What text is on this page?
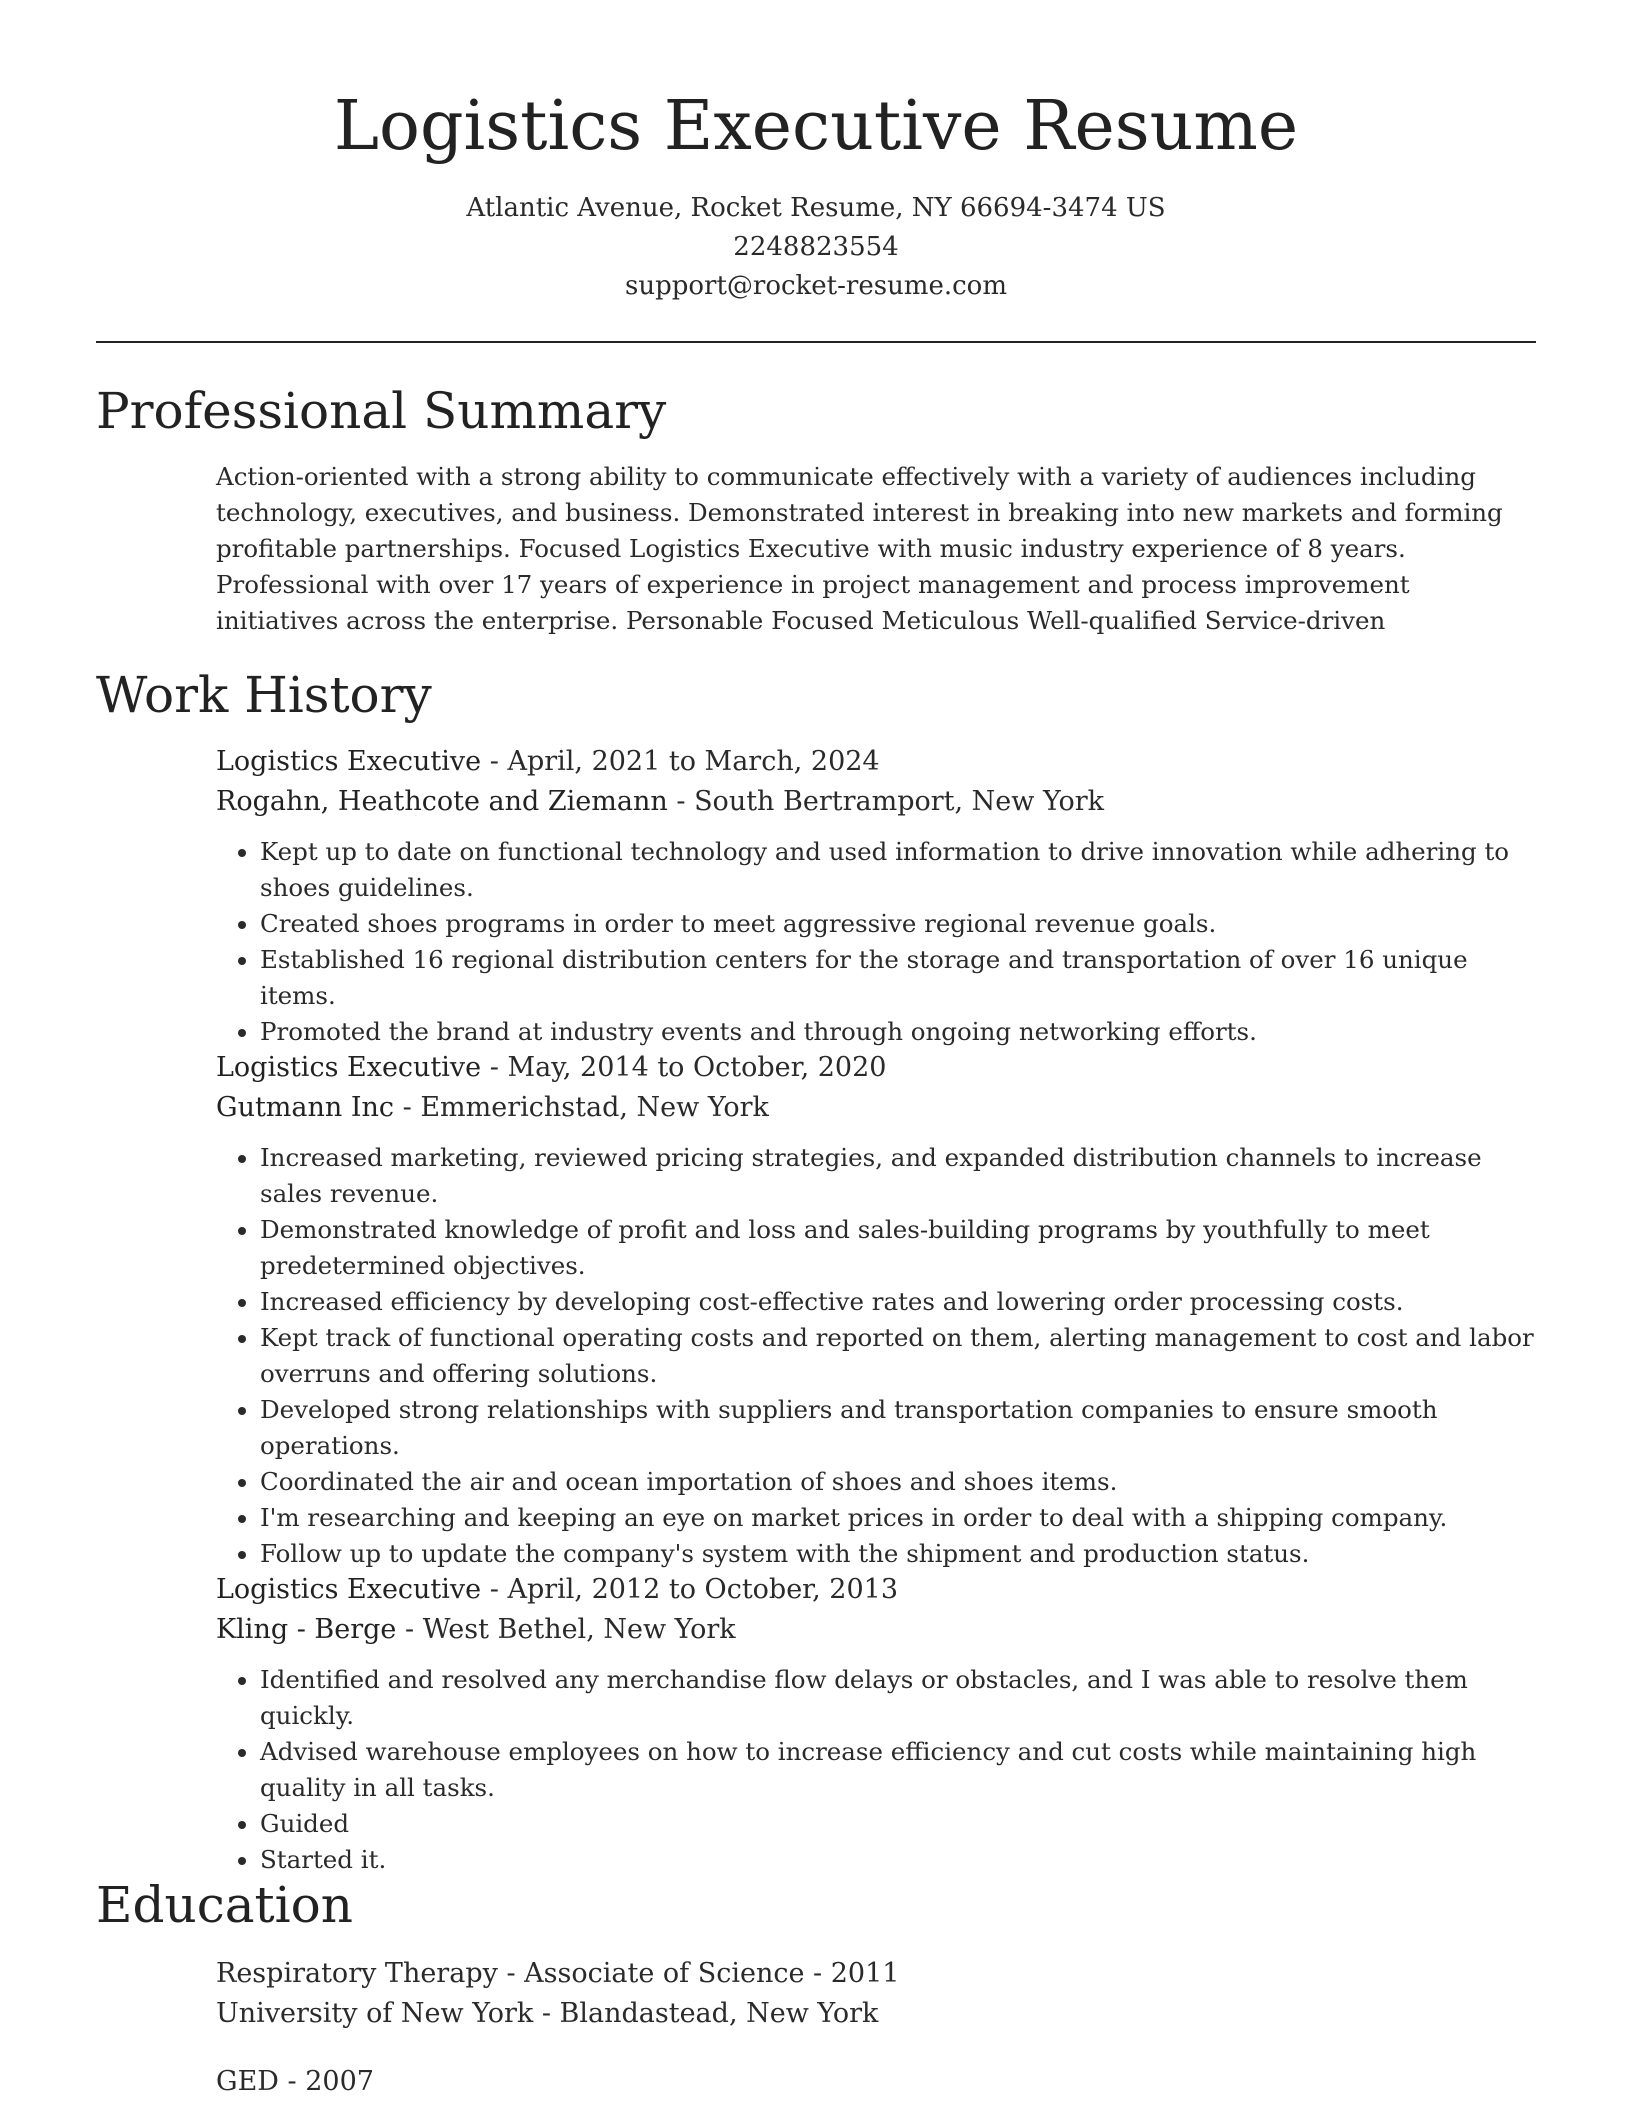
Logistics Executive Resume
Atlantic Avenue, Rocket Resume, NY 66694-3474 US
2248823554
support@rocket-resume.com
Professional Summary

Action-oriented with a strong ability to communicate effectively with a variety of audiences including technology, executives, and business. Demonstrated interest in breaking into new markets and forming profitable partnerships. Focused Logistics Executive with music industry experience of 8 years. Professional with over 17 years of experience in project management and process improvement initiatives across the enterprise. Personable Focused Meticulous Well-qualified Service-driven

Work History
Logistics Executive - April, 2021 to March, 2024
Rogahn, Heathcote and Ziemann - South Bertramport, New York
• Kept up to date on functional technology and used information to drive innovation while adhering to shoes guidelines.
• Created shoes programs in order to meet aggressive regional revenue goals.
• Established 16 regional distribution centers for the storage and transportation of over 16 unique items.
• Promoted the brand at industry events and through ongoing networking efforts.
Logistics Executive - May, 2014 to October, 2020
Gutmann Inc - Emmerichstad, New York
• Increased marketing, reviewed pricing strategies, and expanded distribution channels to increase sales revenue.
• Demonstrated knowledge of profit and loss and sales-building programs by youthfully to meet predetermined objectives.
• Increased efficiency by developing cost-effective rates and lowering order processing costs.
• Kept track of functional operating costs and reported on them, alerting management to cost and labor overruns and offering solutions.
• Developed strong relationships with suppliers and transportation companies to ensure smooth operations.
• Coordinated the air and ocean importation of shoes and shoes items.
• I'm researching and keeping an eye on market prices in order to deal with a shipping company.
• Follow up to update the company's system with the shipment and production status.
Logistics Executive - April, 2012 to October, 2013
Kling - Berge - West Bethel, New York
• Identified and resolved any merchandise flow delays or obstacles, and I was able to resolve them quickly.
• Advised warehouse employees on how to increase efficiency and cut costs while maintaining high quality in all tasks.
• Guided
• Started it.
Education
Respiratory Therapy - Associate of Science - 2011
University of New York - Blandastead, New York
GED - 2007
